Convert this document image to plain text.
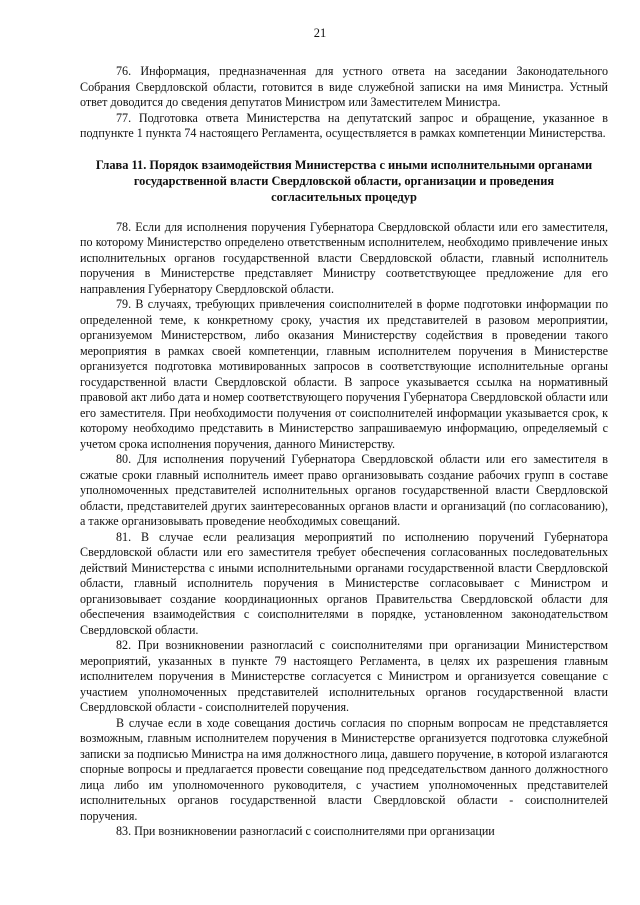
21

76. Информация, предназначенная для устного ответа на заседании Законодательного Собрания Свердловской области, готовится в виде служебной записки на имя Министра. Устный ответ доводится до сведения депутатов Министром или Заместителем Министра.

77. Подготовка ответа Министерства на депутатский запрос и обращение, указанное в подпункте 1 пункта 74 настоящего Регламента, осуществляется в рамках компетенции Министерства.

Глава 11. Порядок взаимодействия Министерства с иными исполнительными органами государственной власти Свердловской области, организации и проведения согласительных процедур

78. Если для исполнения поручения Губернатора Свердловской области или его заместителя, по которому Министерство определено ответственным исполнителем, необходимо привлечение иных исполнительных органов государственной власти Свердловской области, главный исполнитель поручения в Министерстве представляет Министру соответствующее предложение для его направления Губернатору Свердловской области.

79. В случаях, требующих привлечения соисполнителей в форме подготовки информации по определенной теме, к конкретному сроку, участия их представителей в разовом мероприятии, организуемом Министерством, либо оказания Министерству содействия в проведении такого мероприятия в рамках своей компетенции, главным исполнителем поручения в Министерстве организуется подготовка мотивированных запросов в соответствующие исполнительные органы государственной власти Свердловской области. В запросе указывается ссылка на нормативный правовой акт либо дата и номер соответствующего поручения Губернатора Свердловской области или его заместителя. При необходимости получения от соисполнителей информации указывается срок, к которому необходимо представить в Министерство запрашиваемую информацию, определяемый с учетом срока исполнения поручения, данного Министерству.

80. Для исполнения поручений Губернатора Свердловской области или его заместителя в сжатые сроки главный исполнитель имеет право организовывать создание рабочих групп в составе уполномоченных представителей исполнительных органов государственной власти Свердловской области, представителей других заинтересованных органов власти и организаций (по согласованию), а также организовывать проведение необходимых совещаний.

81. В случае если реализация мероприятий по исполнению поручений Губернатора Свердловской области или его заместителя требует обеспечения согласованных последовательных действий Министерства с иными исполнительными органами государственной власти Свердловской области, главный исполнитель поручения в Министерстве согласовывает с Министром и организовывает создание координационных органов Правительства Свердловской области для обеспечения взаимодействия с соисполнителями в порядке, установленном законодательством Свердловской области.

82. При возникновении разногласий с соисполнителями при организации Министерством мероприятий, указанных в пункте 79 настоящего Регламента, в целях их разрешения главным исполнителем поручения в Министерстве согласуется с Министром и организуется совещание с участием уполномоченных представителей исполнительных органов государственной власти Свердловской области - соисполнителей поручения.

В случае если в ходе совещания достичь согласия по спорным вопросам не представляется возможным, главным исполнителем поручения в Министерстве организуется подготовка служебной записки за подписью Министра на имя должностного лица, давшего поручение, в которой излагаются спорные вопросы и предлагается провести совещание под председательством данного должностного лица либо им уполномоченного руководителя, с участием уполномоченных представителей исполнительных органов государственной власти Свердловской области - соисполнителей поручения.

83. При возникновении разногласий с соисполнителями при организации
